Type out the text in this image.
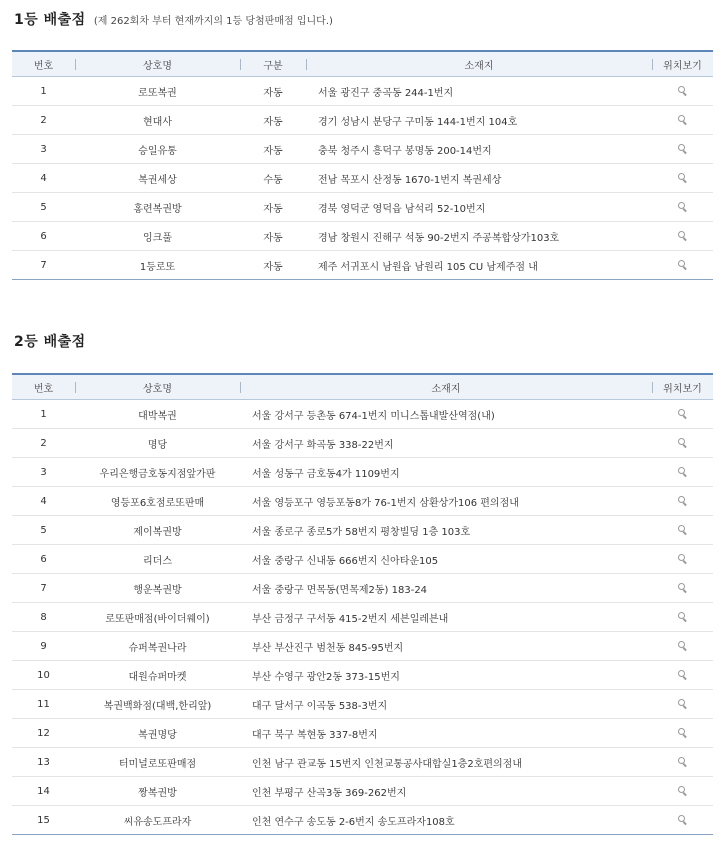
1등 배출점 (제 262회차 부터 현재까지의 1등 당첨판매점 입니다.)
번호	상호명	구분	소재지	위치보기
1	로또복권	자동	서울 광진구 중곡동 244-1번지	
2	현대사	자동	경기 성남시 분당구 구미동 144-1번지 104호	
3	승일유통	자동	충북 청주시 흥덕구 봉명동 200-14번지	
4	복권세상	수동	전남 목포시 산정동 1670-1번지 복권세상	
5	홍련복권방	자동	경북 영덕군 영덕읍 남석리 52-10번지	
6	잉크풀	자동	경남 창원시 진해구 석동 90-2번지 주공복합상가103호	
7	1등로또	자동	제주 서귀포시 남원읍 남원리 105 CU 남제주점 내	
2등 배출점
번호	상호명	소재지	위치보기
1	대박복권	서울 강서구 등촌동 674-1번지 미니스톱내발산역점(내)	
2	명당	서울 강서구 화곡동 338-22번지	
3	우리은행금호동지점앞가판	서울 성동구 금호동4가 1109번지	
4	영등포6호점로또판매	서울 영등포구 영등포동8가 76-1번지 삼환상가106 편의점내	
5	제이복권방	서울 종로구 종로5가 58번지 평창빌딩 1층 103호	
6	리더스	서울 중랑구 신내동 666번지 신아타운105	
7	행운복권방	서울 중랑구 면목동(면목제2동) 183-24	
8	로또판매점(바이더웨이)	부산 금정구 구서동 415-2번지 세븐일레븐내	
9	슈퍼복권나라	부산 부산진구 범천동 845-95번지	
10	대원슈퍼마켓	부산 수영구 광안2동 373-15번지	
11	복권백화점(대백,한리앞)	대구 달서구 이곡동 538-3번지	
12	복권명당	대구 북구 복현동 337-8번지	
13	터미널로또판매점	인천 남구 관교동 15번지 인천교통공사대합실1층2호편의점내	
14	짱복권방	인천 부평구 산곡3동 369-262번지	
15	씨유송도프라자	인천 연수구 송도동 2-6번지 송도프라자108호	
